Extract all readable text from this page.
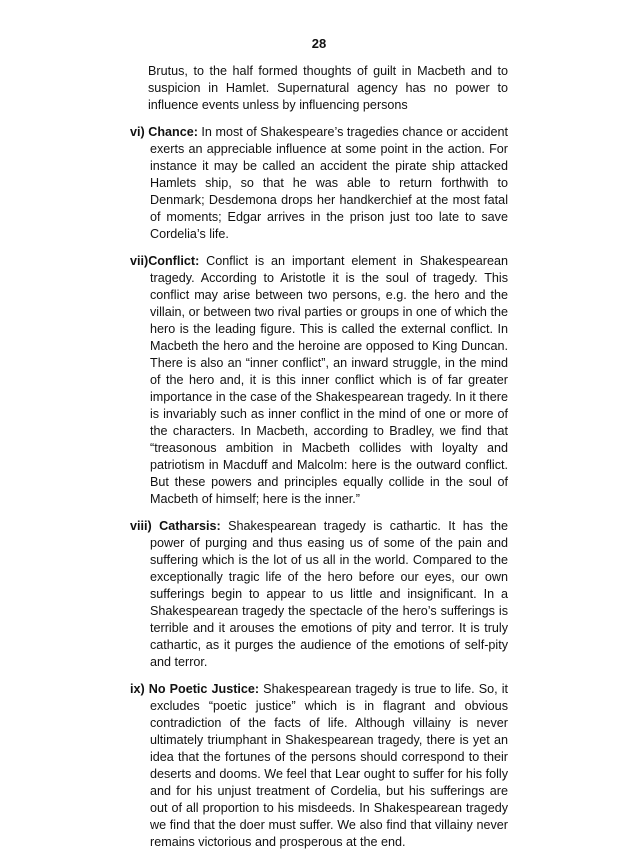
28

Brutus, to the half formed thoughts of guilt in Macbeth and to suspicion in Hamlet. Supernatural agency has no power to influence events unless by influencing persons

vi) Chance: In most of Shakespeare’s tragedies chance or accident exerts an appreciable influence at some point in the action. For instance it may be called an accident the pirate ship attacked Hamlets ship, so that he was able to return forthwith to Denmark; Desdemona drops her handkerchief at the most fatal of moments; Edgar arrives in the prison just too late to save Cordelia’s life.

vii)Conflict: Conflict is an important element in Shakespearean tragedy. According to Aristotle it is the soul of tragedy. This conflict may arise between two persons, e.g. the hero and the villain, or between two rival parties or groups in one of which the hero is the leading figure. This is called the external conflict. In Macbeth the hero and the heroine are opposed to King Duncan. There is also an “inner conflict”, an inward struggle, in the mind of the hero and, it is this inner conflict which is of far greater importance in the case of the Shakespearean tragedy. In it there is invariably such as inner conflict in the mind of one or more of the characters. In Macbeth, according to Bradley, we find that “treasonous ambition in Macbeth collides with loyalty and patriotism in Macduff and Malcolm: here is the outward conflict. But these powers and principles equally collide in the soul of Macbeth of himself; here is the inner.”

viii) Catharsis: Shakespearean tragedy is cathartic. It has the power of purging and thus easing us of some of the pain and suffering which is the lot of us all in the world. Compared to the exceptionally tragic life of the hero before our eyes, our own sufferings begin to appear to us little and insignificant. In a Shakespearean tragedy the spectacle of the hero’s sufferings is terrible and it arouses the emotions of pity and terror. It is truly cathartic, as it purges the audience of the emotions of self-pity and terror.

ix) No Poetic Justice: Shakespearean tragedy is true to life. So, it excludes “poetic justice” which is in flagrant and obvious contradiction of the facts of life. Although villainy is never ultimately triumphant in Shakespearean tragedy, there is yet an idea that the fortunes of the persons should correspond to their deserts and dooms. We feel that Lear ought to suffer for his folly and for his unjust treatment of Cordelia, but his sufferings are out of all proportion to his misdeeds. In Shakespearean tragedy we find that the doer must suffer. We also find that villainy never remains victorious and prosperous at the end.
